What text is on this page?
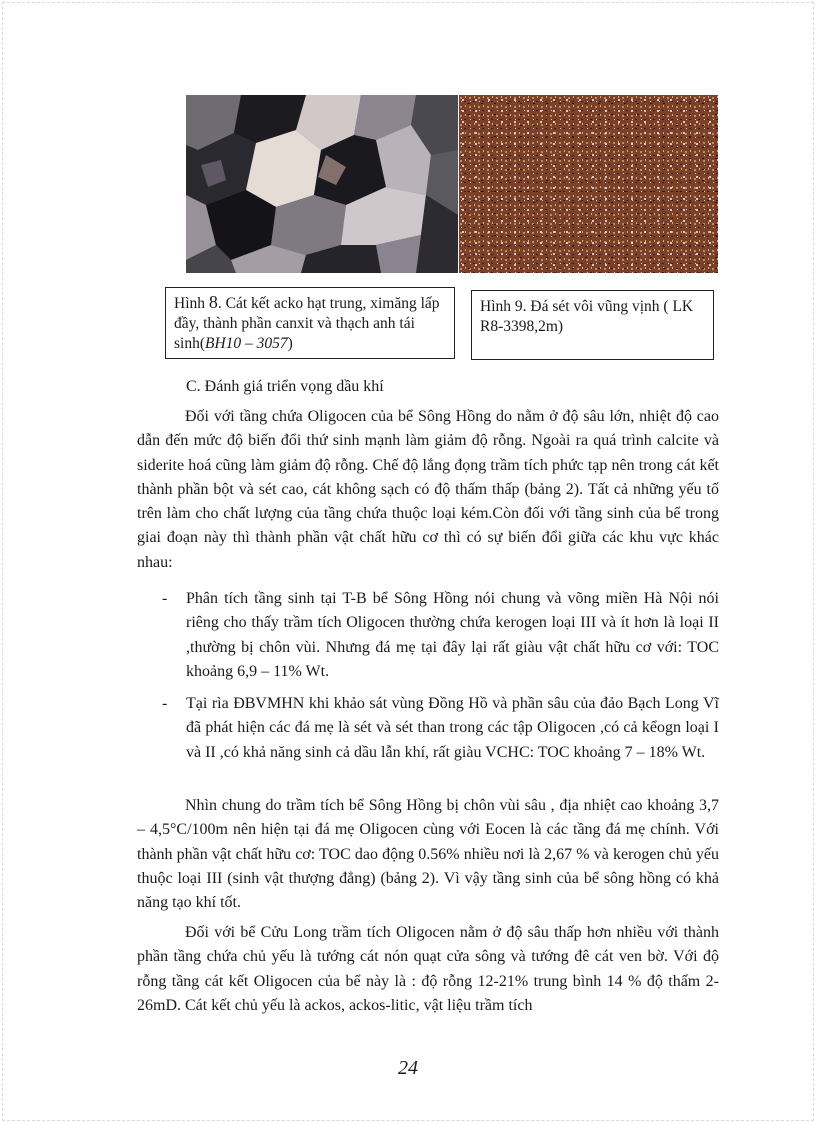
Hình 8. Cát kết acko hạt trung, ximăng lấp đầy, thành phần canxit và thạch anh tái sinh(BH10 – 3057)
Hình 9. Đá sét vôi vũng vịnh ( LK R8-3398,2m)
C. Đánh giá triển vọng dầu khí

Đối với tầng chứa Oligocen của bể Sông Hồng do nằm ở độ sâu lớn, nhiệt độ cao dẫn đến mức độ biến đổi thứ sinh mạnh làm giảm độ rỗng. Ngoài ra quá trình calcite và siderite hoá cũng làm giảm độ rỗng. Chế độ lắng đọng trầm tích phức tạp nên trong cát kết thành phần bột và sét cao, cát không sạch có độ thấm thấp (bảng 2). Tất cả những yếu tố trên làm cho chất lượng của tầng chứa thuộc loại kém.Còn đối với tầng sinh của bể trong giai đoạn này thì thành phần vật chất hữu cơ thì có sự biến đổi giữa các khu vực khác nhau:

- Phân tích tầng sinh tại T-B bể Sông Hồng nói chung và võng miền Hà Nội nói riêng cho thấy trầm tích Oligocen thường chứa kerogen loại III và ít hơn là loại II ,thường bị chôn vùi. Nhưng đá mẹ tại đây lại rất giàu vật chất hữu cơ với: TOC khoảng 6,9 – 11% Wt.

- Tại rìa ĐBVMHN khi khảo sát vùng Đồng Hồ và phần sâu của đảo Bạch Long Vĩ đã phát hiện các đá mẹ là sét và sét than trong các tập Oligocen ,có cả kểogn loại I và II ,có khả năng sinh cả dầu lẫn khí, rất giàu VCHC: TOC khoảng 7 – 18% Wt.

Nhìn chung do trầm tích bể Sông Hồng bị chôn vùi sâu , địa nhiệt cao khoảng 3,7 – 4,5°C/100m nên hiện tại đá mẹ Oligocen cùng với Eocen là các tầng đá mẹ chính. Với thành phần vật chất hữu cơ: TOC dao động 0.56% nhiều nơi là 2,67 % và kerogen chủ yếu thuộc loại III (sinh vật thượng đẳng) (bảng 2). Vì vậy tầng sinh của bể sông hồng có khả năng tạo khí tốt.

Đối với bể Cửu Long trầm tích Oligocen nằm ở độ sâu thấp hơn nhiều với thành phần tầng chứa chủ yếu là tướng cát nón quạt cửa sông và tướng đê cát ven bờ. Với độ rỗng tầng cát kết Oligocen của bể này là : độ rỗng 12-21% trung bình 14 % độ thấm 2- 26mD. Cát kết chủ yếu là ackos, ackos-litic, vật liệu trầm tích

24
